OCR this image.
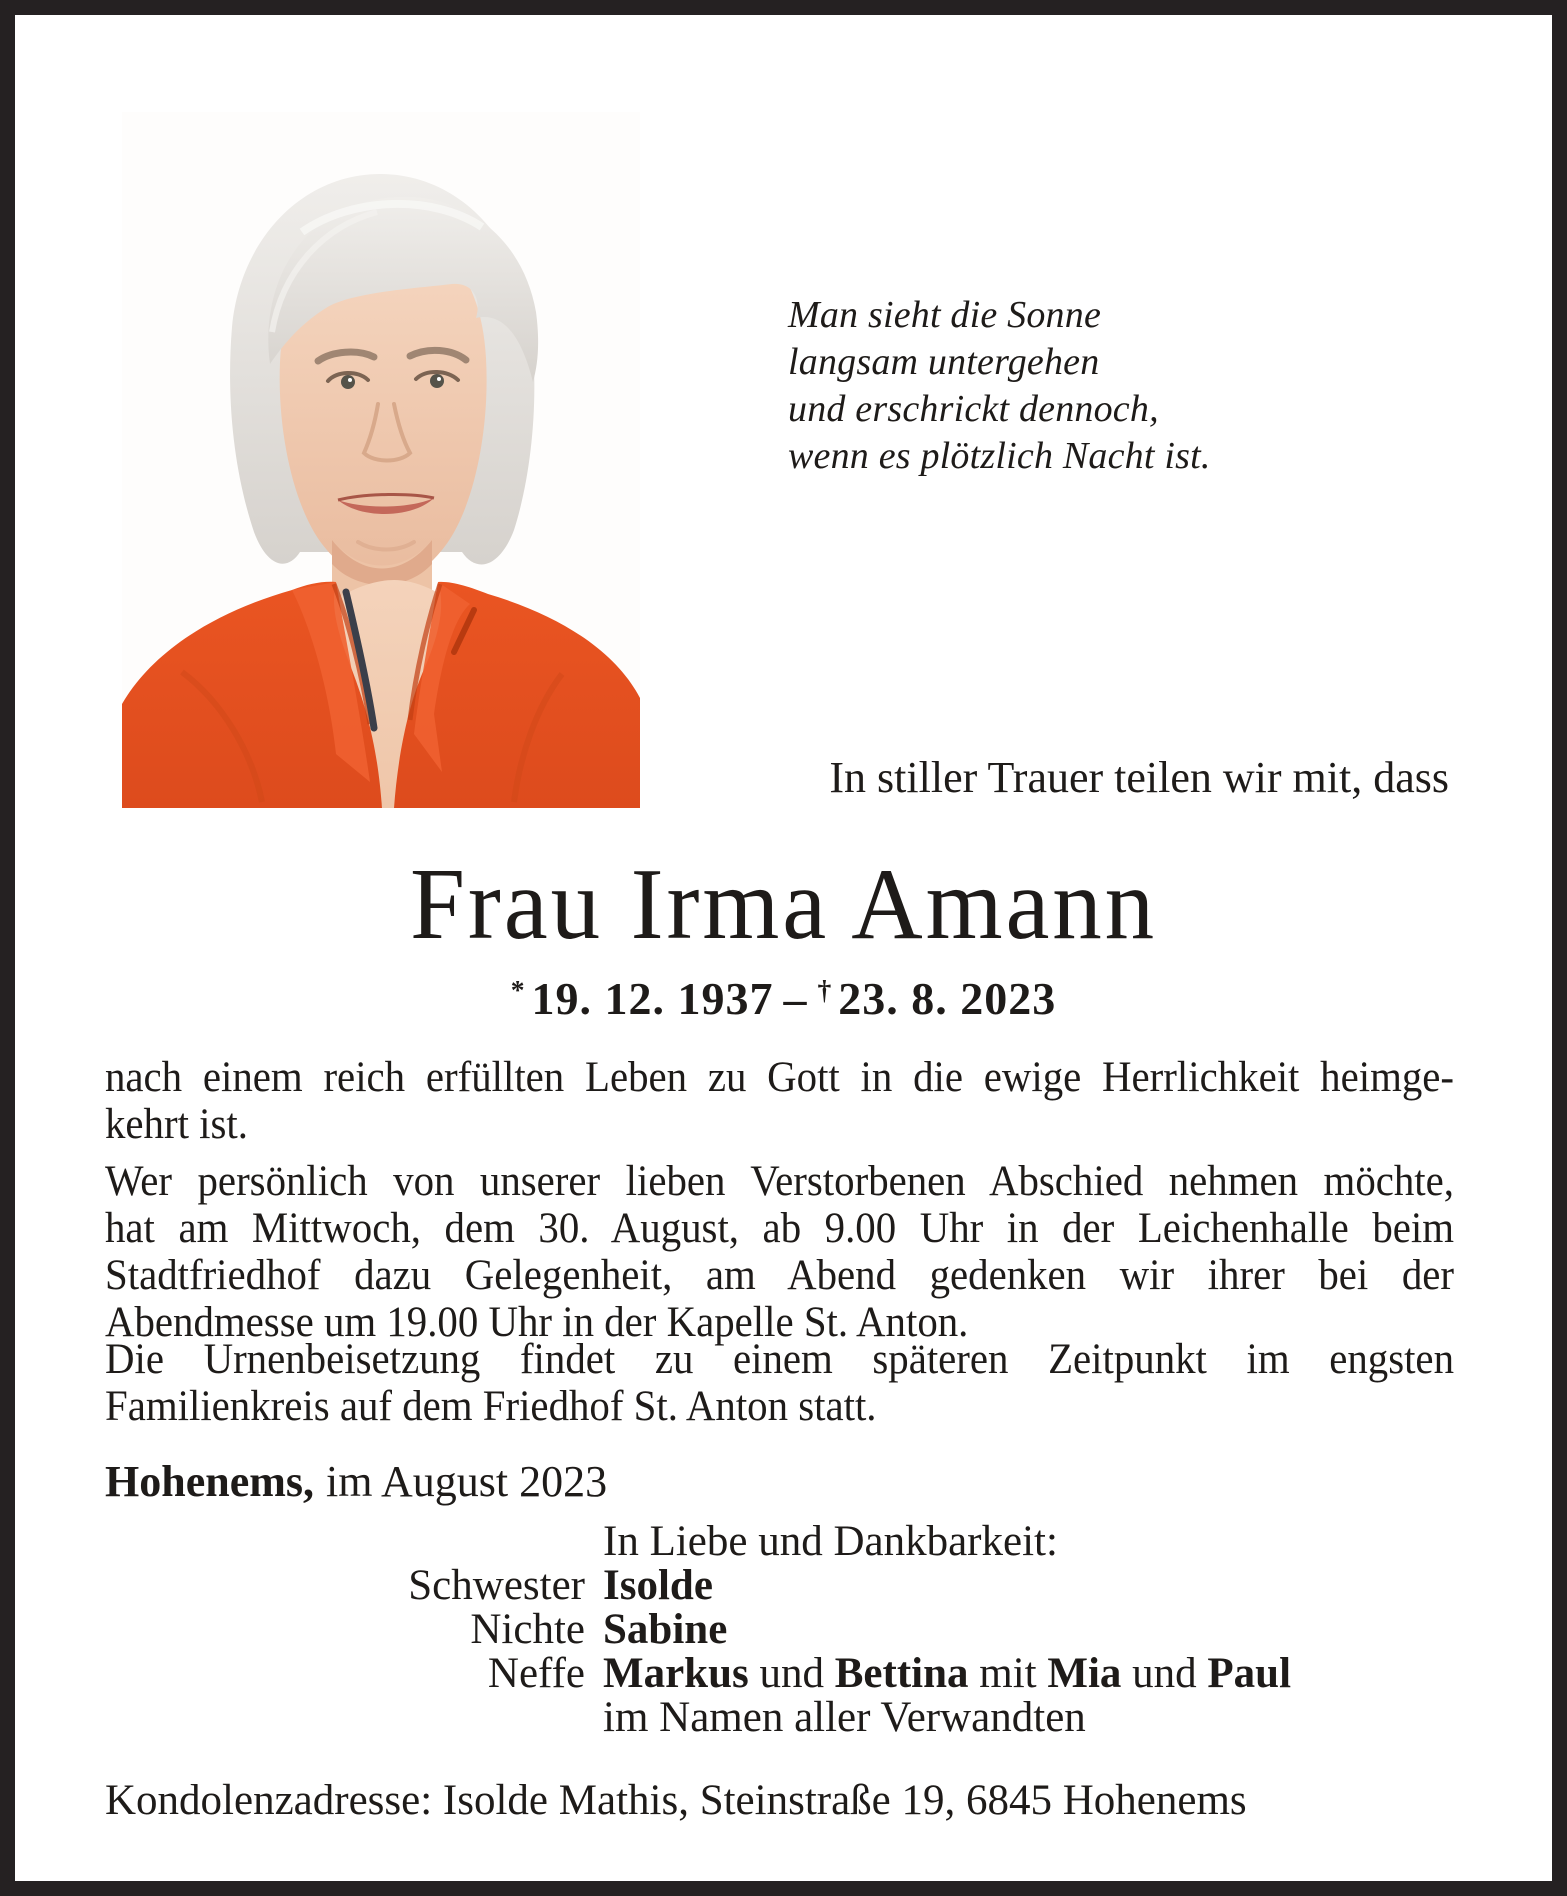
Man sieht die Sonne
langsam untergehen
und erschrickt dennoch,
wenn es plötzlich Nacht ist.
In stiller Trauer teilen wir mit, dass
Frau Irma Amann
* 19. 12. 1937 – † 23. 8. 2023
nach einem reich erfüllten Leben zu Gott in die ewige Herrlichkeit heimge-
kehrt ist.
Wer persönlich von unserer lieben Verstorbenen Abschied nehmen möchte,
hat am Mittwoch, dem 30. August, ab 9.00 Uhr in der Leichenhalle beim
Stadtfriedhof dazu Gelegenheit, am Abend gedenken wir ihrer bei der
Abendmesse um 19.00 Uhr in der Kapelle St. Anton.
Die Urnenbeisetzung findet zu einem späteren Zeitpunkt im engsten
Familienkreis auf dem Friedhof St. Anton statt.
Hohenems, im August 2023
In Liebe und Dankbarkeit:
Schwester Isolde
Nichte Sabine
Neffe Markus und Bettina mit Mia und Paul
im Namen aller Verwandten
Kondolenzadresse: Isolde Mathis, Steinstraße 19, 6845 Hohenems
